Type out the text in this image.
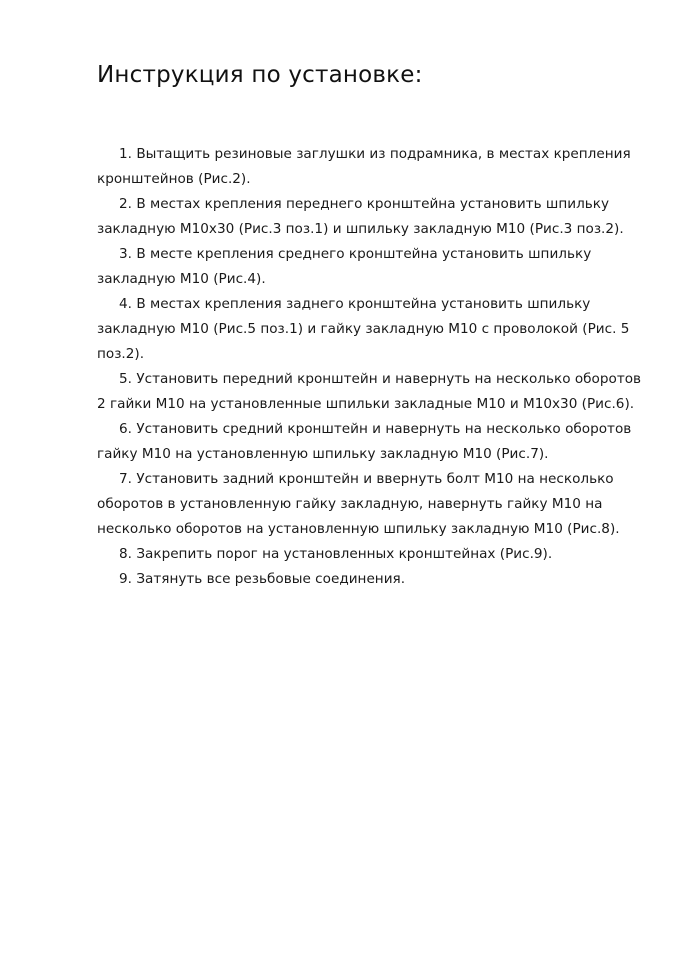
Инструкция по установке:
1. Вытащить резиновые заглушки из подрамника, в местах крепления кронштейнов (Рис.2).
2. В местах крепления переднего кронштейна установить шпильку закладную М10х30 (Рис.3 поз.1) и шпильку закладную М10 (Рис.3 поз.2).
3. В месте крепления среднего кронштейна установить шпильку закладную М10 (Рис.4).
4. В местах крепления заднего кронштейна установить шпильку закладную М10 (Рис.5 поз.1) и гайку закладную М10 с проволокой (Рис. 5 поз.2).
5. Установить передний кронштейн и навернуть на несколько оборотов 2 гайки М10 на установленные шпильки закладные М10 и М10х30 (Рис.6).
6. Установить средний кронштейн и навернуть на несколько оборотов гайку М10 на установленную шпильку закладную М10 (Рис.7).
7. Установить задний кронштейн и ввернуть болт М10 на несколько оборотов в установленную гайку закладную, навернуть гайку М10 на несколько оборотов на установленную шпильку закладную М10 (Рис.8).
8. Закрепить порог на установленных кронштейнах (Рис.9).
9. Затянуть все резьбовые соединения.
